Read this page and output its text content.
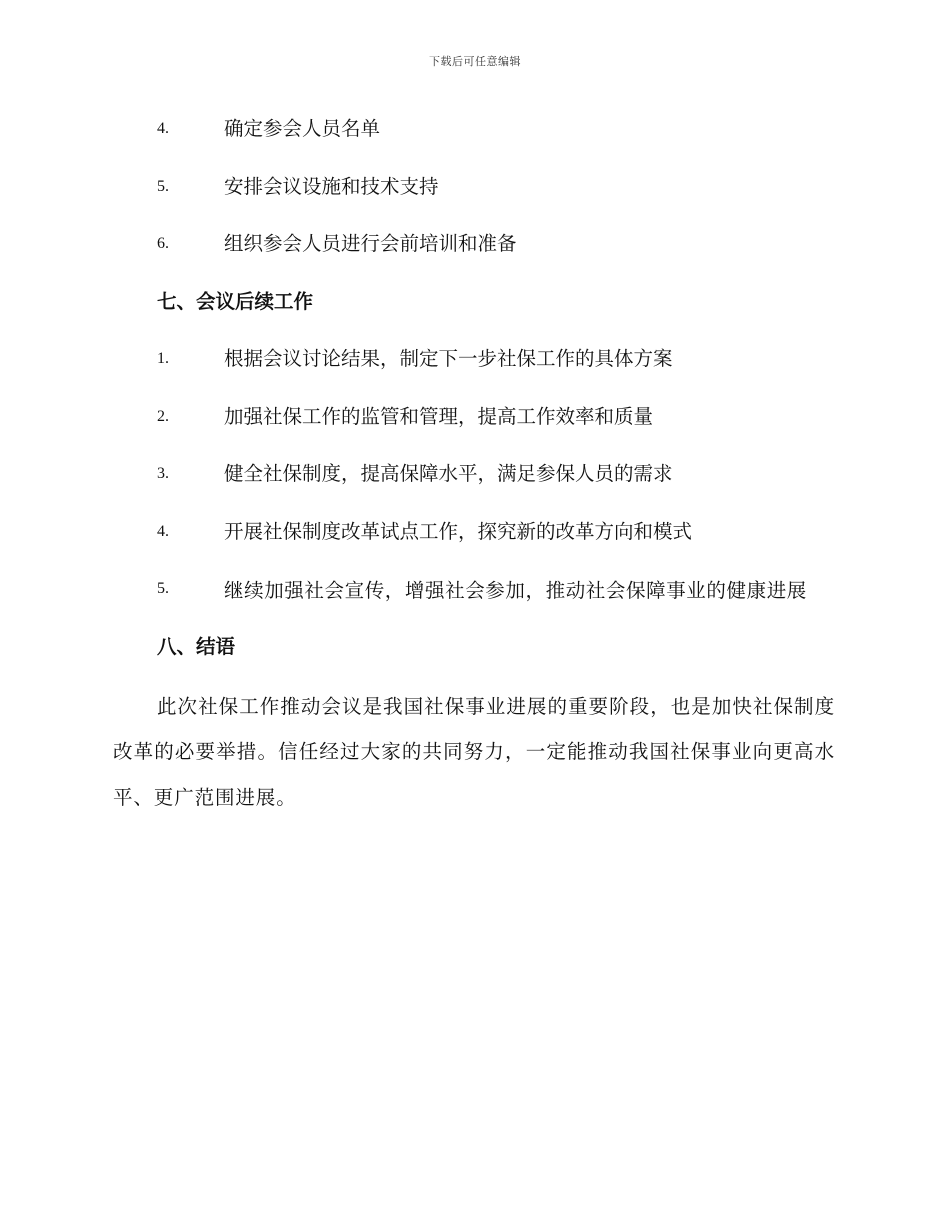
下载后可任意编辑
4.	确定参会人员名单
5.	安排会议设施和技术支持
6.	组织参会人员进行会前培训和准备
七、会议后续工作
1.	根据会议讨论结果，制定下一步社保工作的具体方案
2.	加强社保工作的监管和管理，提高工作效率和质量
3.	健全社保制度，提高保障水平，满足参保人员的需求
4.	开展社保制度改革试点工作，探究新的改革方向和模式
5.	继续加强社会宣传，增强社会参加，推动社会保障事业的健康进展
八、结语
此次社保工作推动会议是我国社保事业进展的重要阶段，也是加快社保制度改革的必要举措。信任经过大家的共同努力，一定能推动我国社保事业向更高水平、更广范围进展。
